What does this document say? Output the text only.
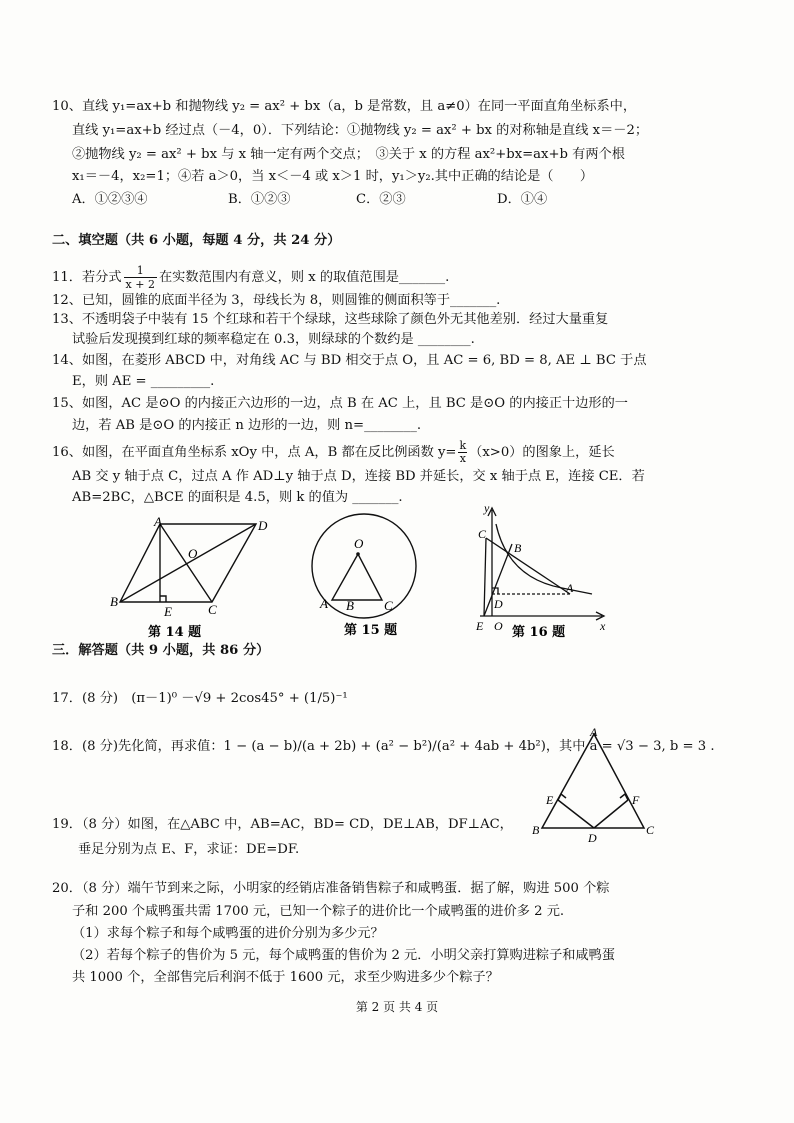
10、直线 y₁=ax+b 和抛物线 y₂ = ax² + bx（a，b 是常数，且 a≠0）在同一平面直角坐标系中，
直线 y₁=ax+b 经过点（－4，0）．下列结论：①抛物线 y₂ = ax² + bx 的对称轴是直线 x＝－2；
②抛物线 y₂ = ax² + bx 与 x 轴一定有两个交点；　③关于 x 的方程 ax²+bx=ax+b 有两个根
x₁＝－4，x₂=1；④若 a＞0，当 x＜－4 或 x＞1 时，y₁＞y₂.其中正确的结论是（　　）
A．①②③④	B．①②③	C．②③	D．①④
二、填空题（共 6 小题，每题 4 分，共 24 分）
11．若分式 $\frac{1}{x + 2}$ 在实数范围内有意义，则 x 的取值范围是_______.
12、已知，圆锥的底面半径为 3，母线长为 8，则圆锥的侧面积等于_______.
13、不透明袋子中装有 15 个红球和若干个绿球，这些球除了颜色外无其他差别．经过大量重复
试验后发现摸到红球的频率稳定在 0.3，则绿球的个数约是 ________.
14、如图，在菱形 ABCD 中，对角线 AC 与 BD 相交于点 O，且 AC = 6, BD = 8, AE ⊥ BC 于点
E，则 AE = _________.
15、如图，AC 是⊙O 的内接正六边形的一边，点 B 在 AC 上，且 BC 是⊙O 的内接正十边形的一
边，若 AB 是⊙O 的内接正 n 边形的一边，则 n=________.
16、如图，在平面直角坐标系 xOy 中，点 A，B 都在反比例函数 $y= \frac{k}{x} (x>0)$的图象上，延长
AB 交 y 轴于点 C，过点 A 作 AD⊥y 轴于点 D，连接 BD 并延长，交 x 轴于点 E，连接 CE．若
AB=2BC，△BCE 的面积是 4.5，则 k 的值为 _______.
A	D
B
C
O
E
第 14 题
O
A B C
第 15 题
y
x
C
B
A
D
E O 第 16 题
三．解答题（共 9 小题，共 86 分）
17．(8 分)　(π－1)⁰ －√9 + 2cos45° + (1/5)⁻¹
18．(8 分)先化简，再求值：1 − (a − b)/(a + 2b) + (a² − b²)/(a² + 4ab + 4b²)，其中 a = √3 − 3, b = 3 .
19．（8 分）如图，在△ABC 中，AB=AC，BD= CD，DE⊥AB，DF⊥AC，
垂足分别为点 E、F，求证：DE=DF.
A
B	C
D
E	F
20．（8 分）端午节到来之际，小明家的经销店准备销售粽子和咸鸭蛋．据了解，购进 500 个粽
子和 200 个咸鸭蛋共需 1700 元，已知一个粽子的进价比一个咸鸭蛋的进价多 2 元.
（1）求每个粽子和每个咸鸭蛋的进价分别为多少元？
（2）若每个粽子的售价为 5 元，每个咸鸭蛋的售价为 2 元．小明父亲打算购进粽子和咸鸭蛋
共 1000 个，全部售完后利润不低于 1600 元，求至少购进多少个粽子？
第 2 页 共 4 页
